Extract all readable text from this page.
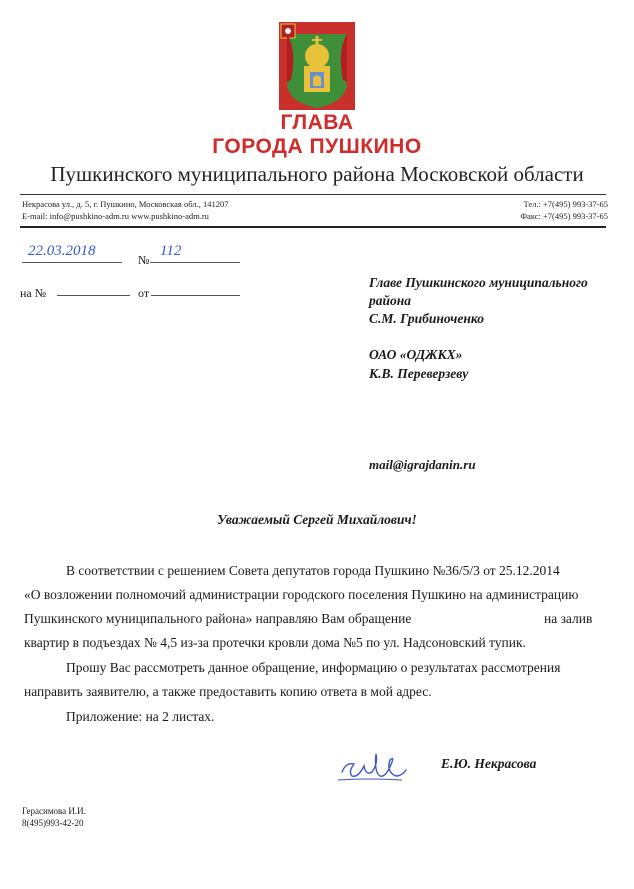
ГЛАВА
ГОРОДА ПУШКИНО
Пушкинского муниципального района Московской области
Некрасова ул., д. 5, г. Пушкино, Московская обл., 141207
E-mail: info@pushkino-adm.ru www.pushkino-adm.ru
Тел.: +7(495) 993-37-65
Факс: +7(495) 993-37-65
22.03.2018
№
112
на №	от
Главе Пушкинского муниципального
района
С.М. Грибиноченко
ОАО «ОДЖКХ»
К.В. Переверзеву
mail@igrajdanin.ru
Уважаемый Сергей Михайлович!
В соответствии с решением Совета депутатов города Пушкино №36/5/3 от 25.12.2014
«О возложении полномочий администрации городского поселения Пушкино на администрацию
Пушкинского муниципального района» направляю Вам обращение	на залив
квартир в подъездах № 4,5 из-за протечки кровли дома №5 по ул. Надсоновский тупик.
Прошу Вас рассмотреть данное обращение, информацию о результатах рассмотрения
направить заявителю, а также предоставить копию ответа в мой адрес.
Приложение: на 2 листах.
Е.Ю. Некрасова
Герасимова И.И.
8(495)993-42-20
